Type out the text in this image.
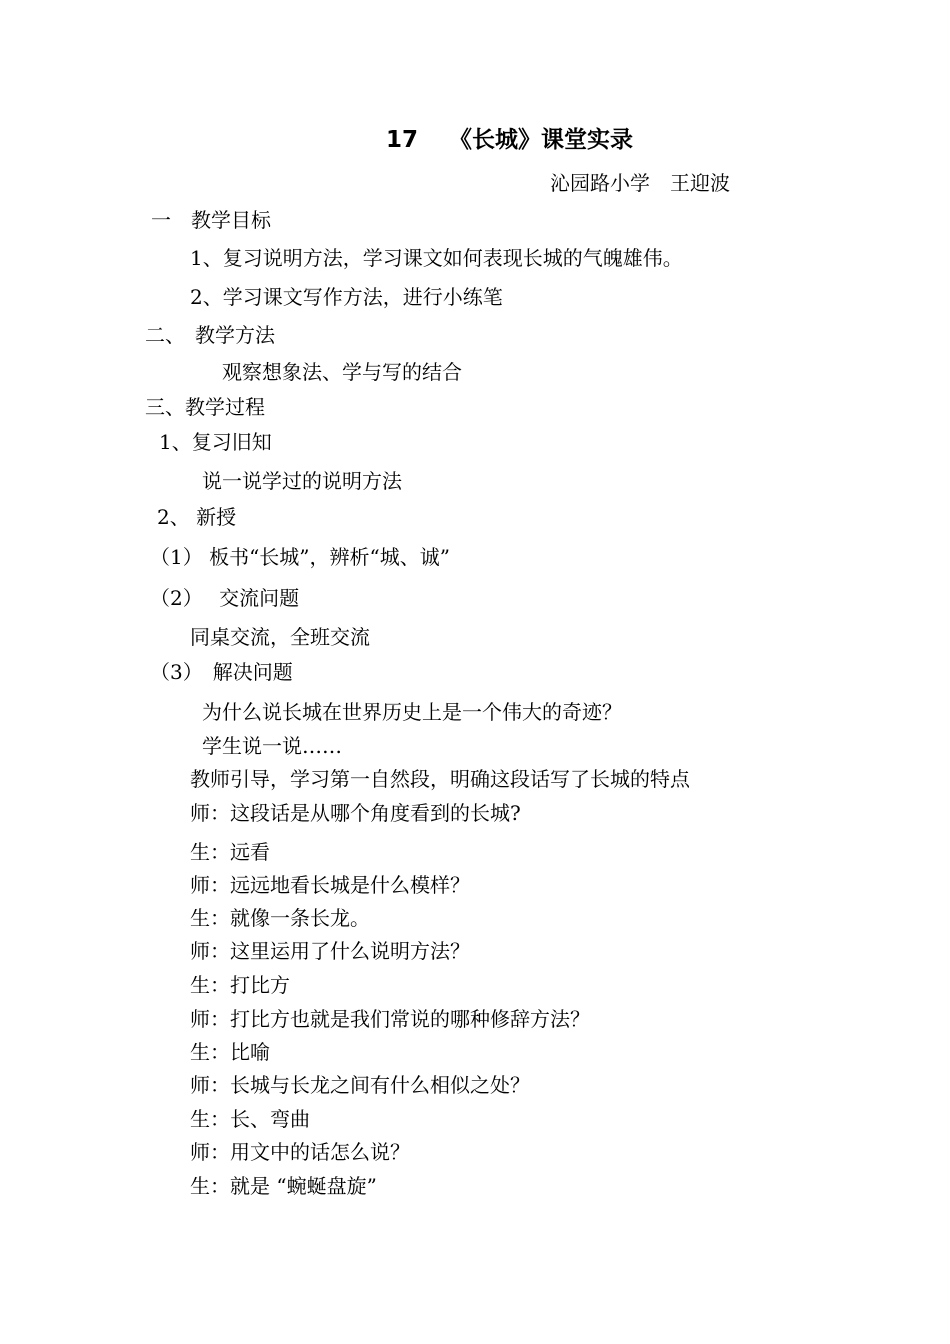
17　 《长城》课堂实录
沁园路小学　王迎波
一　教学目标
1、复习说明方法，学习课文如何表现长城的气魄雄伟。
2、学习课文写作方法，进行小练笔
二、　教学方法
观察想象法、学与写的结合
三、教学过程
1、复习旧知
说一说学过的说明方法
2、 新授
（1） 板书“长城”，辨析“城、诚”
（2）　 交流问题
同桌交流，全班交流
（3）　解决问题
为什么说长城在世界历史上是一个伟大的奇迹？
学生说一说……
教师引导，学习第一自然段，明确这段话写了长城的特点
师：这段话是从哪个角度看到的长城?
生：远看
师：远远地看长城是什么模样？
生：就像一条长龙。
师：这里运用了什么说明方法？
生：打比方
师：打比方也就是我们常说的哪种修辞方法？
生：比喻
师：长城与长龙之间有什么相似之处？
生：长、弯曲
师：用文中的话怎么说？
生：就是 “蜿蜒盘旋”
